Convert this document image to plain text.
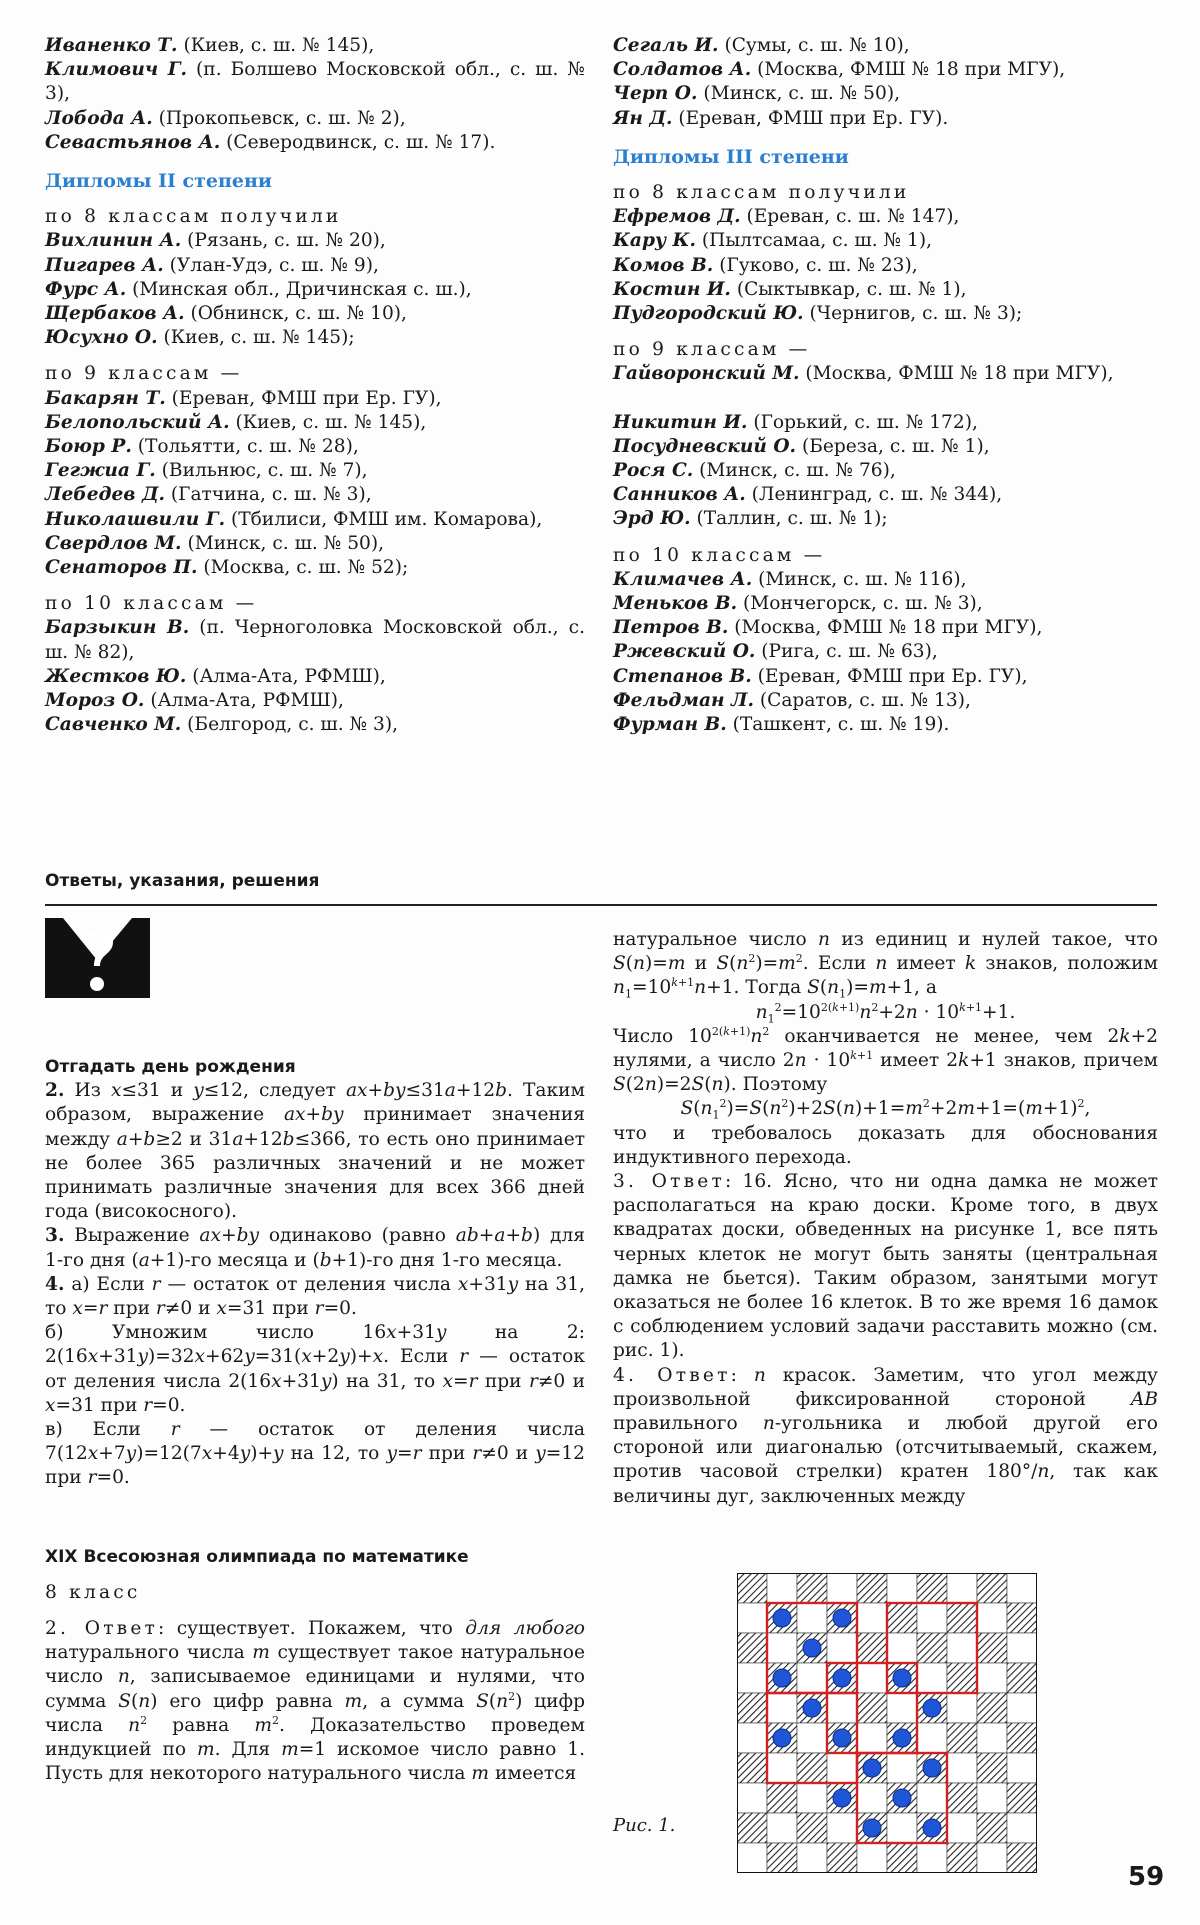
Иваненко Т. (Киев, с. ш. № 145),

Климович Г. (п. Болшево Московской обл., с. ш. № 3),

Лобода А. (Прокопьевск, с. ш. № 2),

Севастьянов А. (Северодвинск, с. ш. № 17).

Дипломы II степени

по 8 классам получили

Вихлинин А. (Рязань, с. ш. № 20),

Пигарев А. (Улан-Удэ, с. ш. № 9),

Фурс А. (Минская обл., Дричинская с. ш.),

Щербаков А. (Обнинск, с. ш. № 10),

Юсухно О. (Киев, с. ш. № 145);

по 9 классам —

Бакарян Т. (Ереван, ФМШ при Ер. ГУ),

Белопольский А. (Киев, с. ш. № 145),

Боюр Р. (Тольятти, с. ш. № 28),

Гегжиа Г. (Вильнюс, с. ш. № 7),

Лебедев Д. (Гатчина, с. ш. № 3),

Николашвили Г. (Тбилиси, ФМШ им. Комарова),

Свердлов М. (Минск, с. ш. № 50),

Сенаторов П. (Москва, с. ш. № 52);

по 10 классам —

Барзыкин В. (п. Черноголовка Московской обл., с. ш. № 82),

Жестков Ю. (Алма-Ата, РФМШ),

Мороз О. (Алма-Ата, РФМШ),

Савченко М. (Белгород, с. ш. № 3),

Сегаль И. (Сумы, с. ш. № 10),

Солдатов А. (Москва, ФМШ № 18 при МГУ),

Черп О. (Минск, с. ш. № 50),

Ян Д. (Ереван, ФМШ при Ер. ГУ).

Дипломы III степени

по 8 классам получили

Ефремов Д. (Ереван, с. ш. № 147),

Кару К. (Пылтсамаа, с. ш. № 1),

Комов В. (Гуково, с. ш. № 23),

Костин И. (Сыктывкар, с. ш. № 1),

Пудгородский Ю. (Чернигов, с. ш. № 3);

по 9 классам —

Гайворонский М. (Москва, ФМШ № 18 при МГУ),

Никитин И. (Горький, с. ш. № 172),

Посудневский О. (Береза, с. ш. № 1),

Рося С. (Минск, с. ш. № 76),

Санников А. (Ленинград, с. ш. № 344),

Эрд Ю. (Таллин, с. ш. № 1);

по 10 классам —

Климачев А. (Минск, с. ш. № 116),

Меньков В. (Мончегорск, с. ш. № 3),

Петров В. (Москва, ФМШ № 18 при МГУ),

Ржевский О. (Рига, с. ш. № 63),

Степанов В. (Ереван, ФМШ при Ер. ГУ),

Фельдман Л. (Саратов, с. ш. № 13),

Фурман В. (Ташкент, с. ш. № 19).

Ответы, указания, решения

Отгадать день рождения

2. Из x≤31 и y≤12, следует ax+by≤31a+12b. Таким образом, выражение ax+by принимает значения между a+b≥2 и 31a+12b≤366, то есть оно принимает не более 365 различных значений и не может принимать различные значения для всех 366 дней года (високосного).

3. Выражение ax+by одинаково (равно ab+a+b) для 1-го дня (a+1)-го месяца и (b+1)-го дня 1-го месяца.

4. а) Если r — остаток от деления числа x+31y на 31, то x=r при r≠0 и x=31 при r=0.
б) Умножим число 16x+31y на 2: 2(16x+31y)=32x+62y=31(x+2y)+x. Если r — остаток от деления числа 2(16x+31y) на 31, то x=r при r≠0 и x=31 при r=0.
в) Если r — остаток от деления числа 7(12x+7y)=12(7x+4y)+y на 12, то y=r при r≠0 и y=12 при r=0.

XIX Всесоюзная олимпиада по математике

8 класс

2. Ответ: существует. Покажем, что для любого натурального числа m существует такое натуральное число n, записываемое единицами и нулями, что сумма S(n) его цифр равна m, а сумма $S(n^2)$ цифр числа $n^2$ равна $m^2$. Доказательство проведем индукцией по m. Для m=1 искомое число равно 1. Пусть для некоторого натурального числа m имеется

натуральное число n из единиц и нулей такое, что S(n)=m и $S(n^2)=m^2$. Если n имеет k знаков, положим $n_1=10^{k+1}n+1$. Тогда $S(n_1)=m+1$, а

$n_1^2=10^{2(k+1)}n^2+2n \cdot 10^{k+1}+1$.

Число $10^{2(k+1)}n^2$ оканчивается не менее, чем 2k+2 нулями, а число $2n \cdot 10^{k+1}$ имеет 2k+1 знаков, причем S(2n)=2S(n). Поэтому

$S(n_1^2)=S(n^2)+2S(n)+1=m^2+2m+1=(m+1)^2$,

что и требовалось доказать для обоснования индуктивного перехода.

3. Ответ: 16. Ясно, что ни одна дамка не может располагаться на краю доски. Кроме того, в двух квадратах доски, обведенных на рисунке 1, все пять черных клеток не могут быть заняты (центральная дамка не бьется). Таким образом, занятыми могут оказаться не более 16 клеток. В то же время 16 дамок с соблюдением условий задачи расставить можно (см. рис. 1).

4. Ответ: n красок. Заметим, что угол между произвольной фиксированной стороной AB правильного n-угольника и любой другой его стороной или диагональю (отсчитываемый, скажем, против часовой стрелки) кратен 180°/n, так как величины дуг, заключенных между

Рис. 1.
59
